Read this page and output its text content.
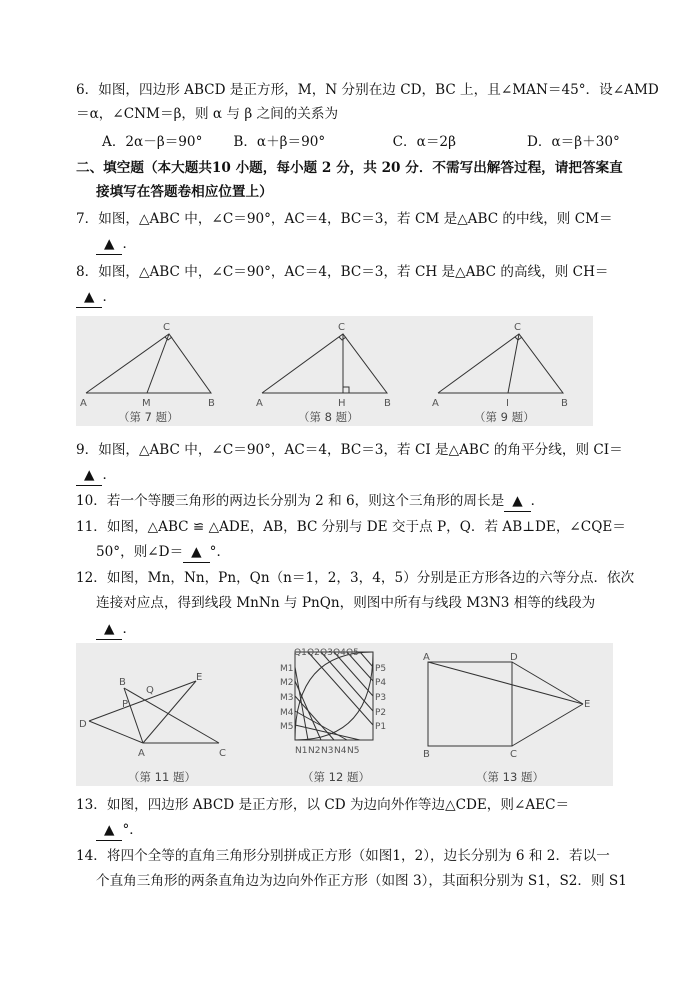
6．如图，四边形 ABCD 是正方形，M，N 分别在边 CD，BC 上，且∠MAN＝45°．设∠AMD
＝α，∠CNM＝β，则 α 与 β 之间的关系为
A．2α－β＝90° B．α＋β＝90°	C．α＝2β	D．α＝β＋30°
二、填空题（本大题共10 小题，每小题 2 分，共 20 分．不需写出解答过程，请把答案直
接填写在答题卷相应位置上）
7．如图，△ABC 中，∠C＝90°，AC＝4，BC＝3，若 CM 是△ABC 的中线，则 CM＝
▲ ．
8．如图，△ABC 中，∠C＝90°，AC＝4，BC＝3，若 CH 是△ABC 的高线，则 CH＝
▲ ．
A	B
C
M	A	B
C
H	A	B
C
I
（第 7 题）	（第 8 题）	（第 9 题）
9．如图，△ABC 中，∠C＝90°，AC＝4，BC＝3，若 CI 是△ABC 的角平分线，则 CI＝
▲ ．
10．若一个等腰三角形的两边长分别为 2 和 6，则这个三角形的周长是 ▲ ．
11．如图，△ABC ≌ △ADE，AB，BC 分别与 DE 交于点 P，Q．若 AB⊥DE，∠CQE＝
50°，则∠D＝ ▲ °．
12．如图，Mn，Nn，Pn，Qn（n＝1，2，3，4，5）分别是正方形各边的六等分点．依次
连接对应点，得到线段 MnNn 与 PnQn，则图中所有与线段 M3N3 相等的线段为
▲ ．
B	E
Q
P
D
A	C
Q1 Q2 Q3 Q4 Q5
M1
M2
M3
M4
M5
N1 N2 N3 N4 N5
P5
P4
P3
P2
P1
A	D
E
B	C
（第 11 题）	（第 12 题）	（第 13 题）
13．如图，四边形 ABCD 是正方形，以 CD 为边向外作等边△CDE，则∠AEC＝
▲ °．
14．将四个全等的直角三角形分别拼成正方形（如图1，2），边长分别为 6 和 2．若以一
个直角三角形的两条直角边为边向外作正方形（如图 3），其面积分别为 S1，S2．则 S1
